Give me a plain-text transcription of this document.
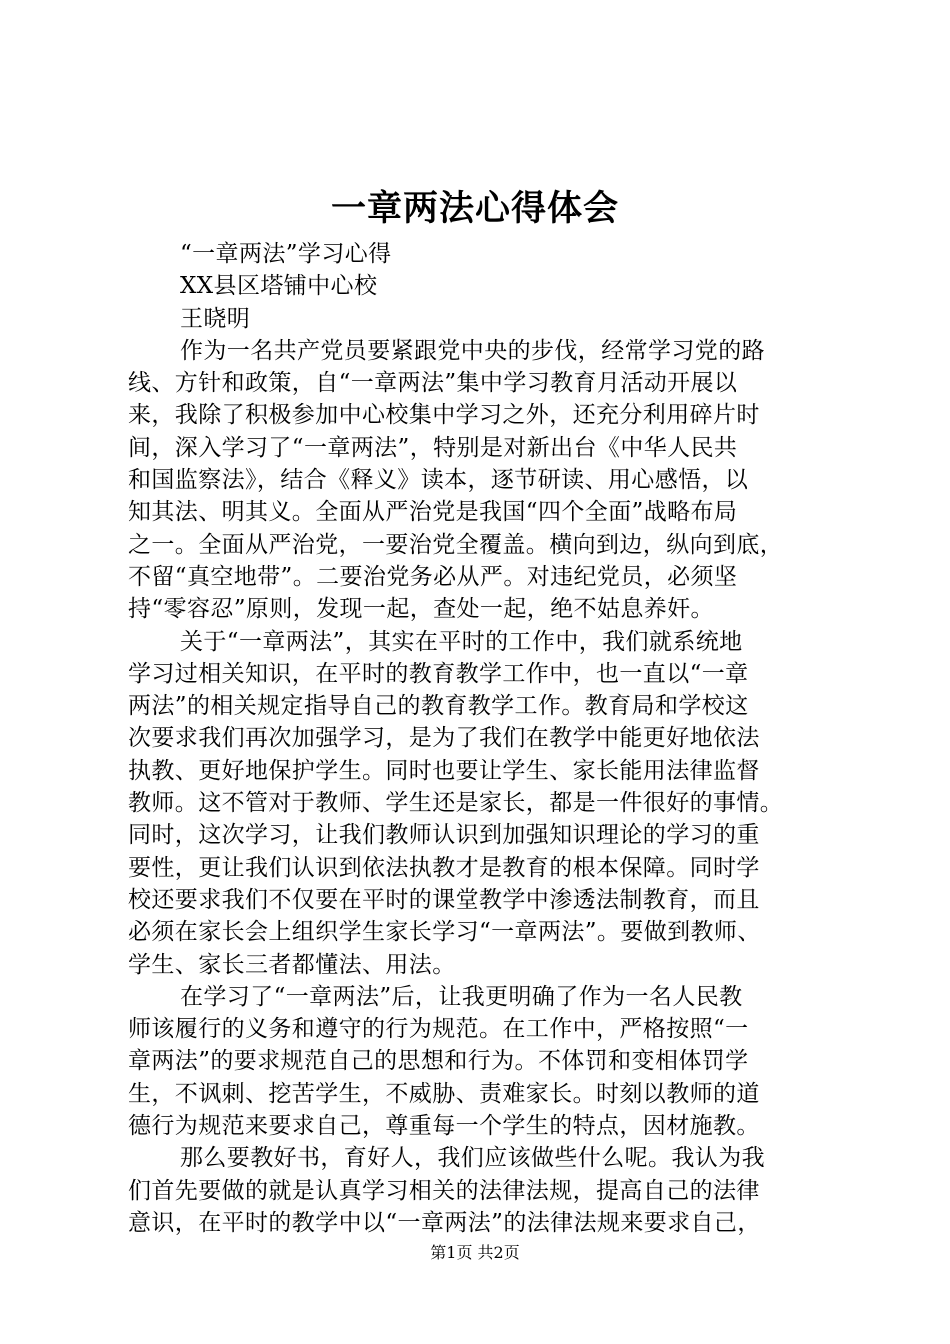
一章两法心得体会
“一章两法”学习心得
XX县区塔铺中心校
王晓明
作为一名共产党员要紧跟党中央的步伐，经常学习党的路
线、方针和政策，自“一章两法”集中学习教育月活动开展以
来，我除了积极参加中心校集中学习之外，还充分利用碎片时
间，深入学习了“一章两法”，特别是对新出台《中华人民共
和国监察法》，结合《释义》读本，逐节研读、用心感悟，以
知其法、明其义。全面从严治党是我国“四个全面”战略布局
之一。全面从严治党，一要治党全覆盖。横向到边，纵向到底，
不留“真空地带”。二要治党务必从严。对违纪党员，必须坚
持“零容忍”原则，发现一起，查处一起，绝不姑息养奸。
关于“一章两法”，其实在平时的工作中，我们就系统地
学习过相关知识，在平时的教育教学工作中，也一直以“一章
两法”的相关规定指导自己的教育教学工作。教育局和学校这
次要求我们再次加强学习，是为了我们在教学中能更好地依法
执教、更好地保护学生。同时也要让学生、家长能用法律监督
教师。这不管对于教师、学生还是家长，都是一件很好的事情。
同时，这次学习，让我们教师认识到加强知识理论的学习的重
要性，更让我们认识到依法执教才是教育的根本保障。同时学
校还要求我们不仅要在平时的课堂教学中渗透法制教育，而且
必须在家长会上组织学生家长学习“一章两法”。要做到教师、
学生、家长三者都懂法、用法。
在学习了“一章两法”后，让我更明确了作为一名人民教
师该履行的义务和遵守的行为规范。在工作中，严格按照“一
章两法”的要求规范自己的思想和行为。不体罚和变相体罚学
生，不讽刺、挖苦学生，不威胁、责难家长。时刻以教师的道
德行为规范来要求自己，尊重每一个学生的特点，因材施教。
那么要教好书，育好人，我们应该做些什么呢。我认为我
们首先要做的就是认真学习相关的法律法规，提高自己的法律
意识，在平时的教学中以“一章两法”的法律法规来要求自己，
第1页 共2页
